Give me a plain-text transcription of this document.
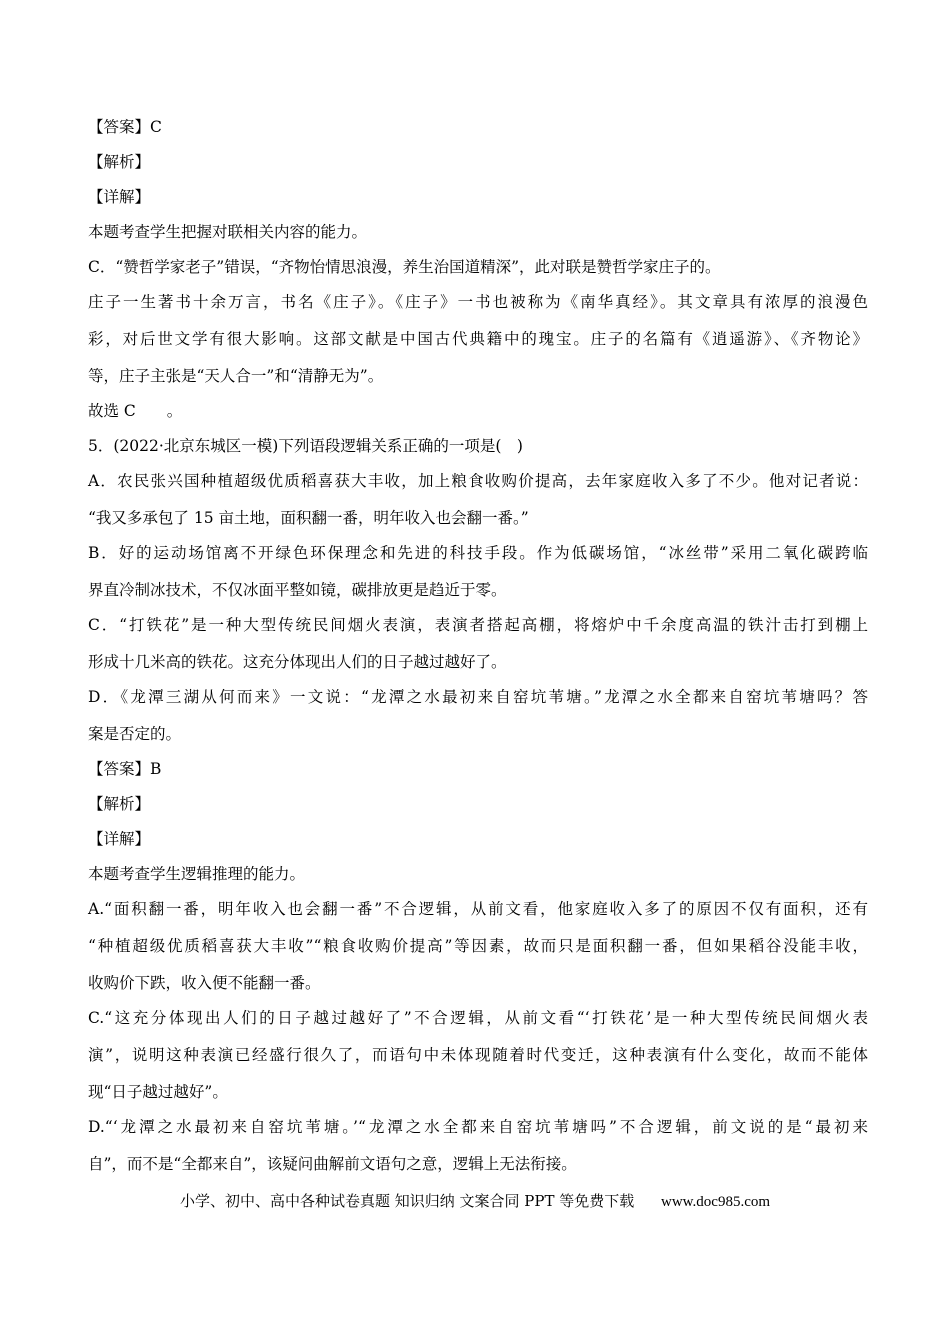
【答案】C
【解析】
【详解】
本题考查学生把握对联相关内容的能力。
C．“赞哲学家老子”错误，“齐物怡情思浪漫，养生治国道精深”，此对联是赞哲学家庄子的。
庄子一生著书十余万言，书名《庄子》。《庄子》一书也被称为《南华真经》。其文章具有浓厚的浪漫色
彩，对后世文学有很大影响。这部文献是中国古代典籍中的瑰宝。庄子的名篇有《逍遥游》、《齐物论》
等，庄子主张是“天人合一”和“清静无为”。
故选 C　　。
5．(2022·北京东城区一模)下列语段逻辑关系正确的一项是(　)
A．农民张兴国种植超级优质稻喜获大丰收，加上粮食收购价提高，去年家庭收入多了不少。他对记者说：
“我又多承包了 15 亩土地，面积翻一番，明年收入也会翻一番。”
B．好的运动场馆离不开绿色环保理念和先进的科技手段。作为低碳场馆，“冰丝带”采用二氧化碳跨临
界直冷制冰技术，不仅冰面平整如镜，碳排放更是趋近于零。
C．“打铁花”是一种大型传统民间烟火表演，表演者搭起高棚，将熔炉中千余度高温的铁汁击打到棚上
形成十几米高的铁花。这充分体现出人们的日子越过越好了。
D．《龙潭三湖从何而来》一文说：“龙潭之水最初来自窑坑苇塘。”龙潭之水全都来自窑坑苇塘吗？答
案是否定的。
【答案】B
【解析】
【详解】
本题考查学生逻辑推理的能力。
A.“面积翻一番，明年收入也会翻一番”不合逻辑，从前文看，他家庭收入多了的原因不仅有面积，还有
“种植超级优质稻喜获大丰收”“粮食收购价提高”等因素，故而只是面积翻一番，但如果稻谷没能丰收，
收购价下跌，收入便不能翻一番。
C.“这充分体现出人们的日子越过越好了”不合逻辑，从前文看“‘打铁花’是一种大型传统民间烟火表
演”，说明这种表演已经盛行很久了，而语句中未体现随着时代变迁，这种表演有什么变化，故而不能体
现“日子越过越好”。
D.“‘龙潭之水最初来自窑坑苇塘。’“龙潭之水全都来自窑坑苇塘吗”不合逻辑，前文说的是“最初来
自”，而不是“全都来自”，该疑问曲解前文语句之意，逻辑上无法衔接。
小学、初中、高中各种试卷真题 知识归纳 文案合同 PPT 等免费下载 www.doc985.com
